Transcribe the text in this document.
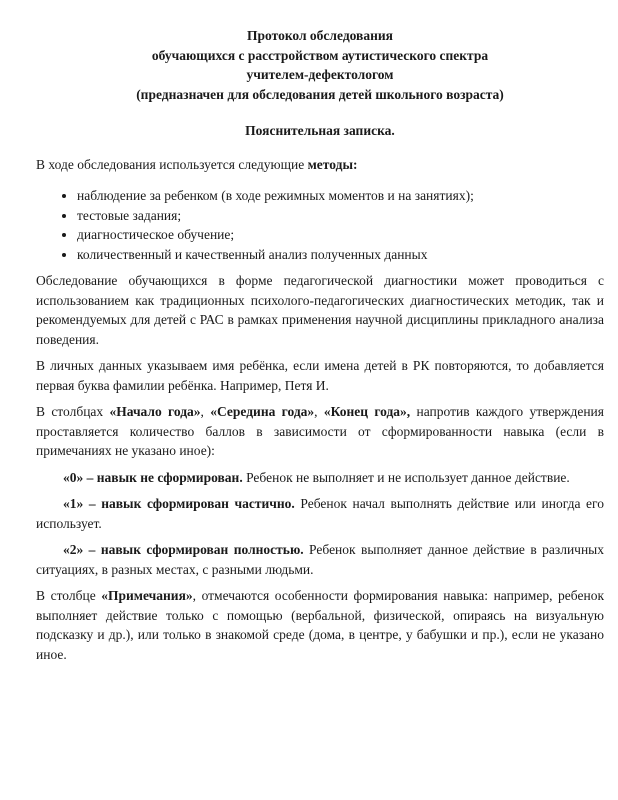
Протокол обследования
обучающихся с расстройством аутистического спектра
учителем-дефектологом
(предназначен для обследования детей школьного возраста)
Пояснительная записка.

В ходе обследования используется следующие методы:

• наблюдение за ребенком (в ходе режимных моментов и на занятиях);
• тестовые задания;
• диагностическое обучение;
• количественный и качественный анализ полученных данных

Обследование обучающихся в форме педагогической диагностики может проводиться с использованием как традиционных психолого-педагогических диагностических методик, так и рекомендуемых для детей с РАС в рамках применения научной дисциплины прикладного анализа поведения.

В личных данных указываем имя ребёнка, если имена детей в РК повторяются, то добавляется первая буква фамилии ребёнка. Например, Петя И.

В столбцах «Начало года», «Середина года», «Конец года», напротив каждого утверждения проставляется количество баллов в зависимости от сформированности навыка (если в примечаниях не указано иное):

«0» – навык не сформирован. Ребенок не выполняет и не использует данное действие.

«1» – навык сформирован частично. Ребенок начал выполнять действие или иногда его использует.

«2» – навык сформирован полностью. Ребенок выполняет данное действие в различных ситуациях, в разных местах, с разными людьми.

В столбце «Примечания», отмечаются особенности формирования навыка: например, ребенок выполняет действие только с помощью (вербальной, физической, опираясь на визуальную подсказку и др.), или только в знакомой среде (дома, в центре, у бабушки и пр.), если не указано иное.
